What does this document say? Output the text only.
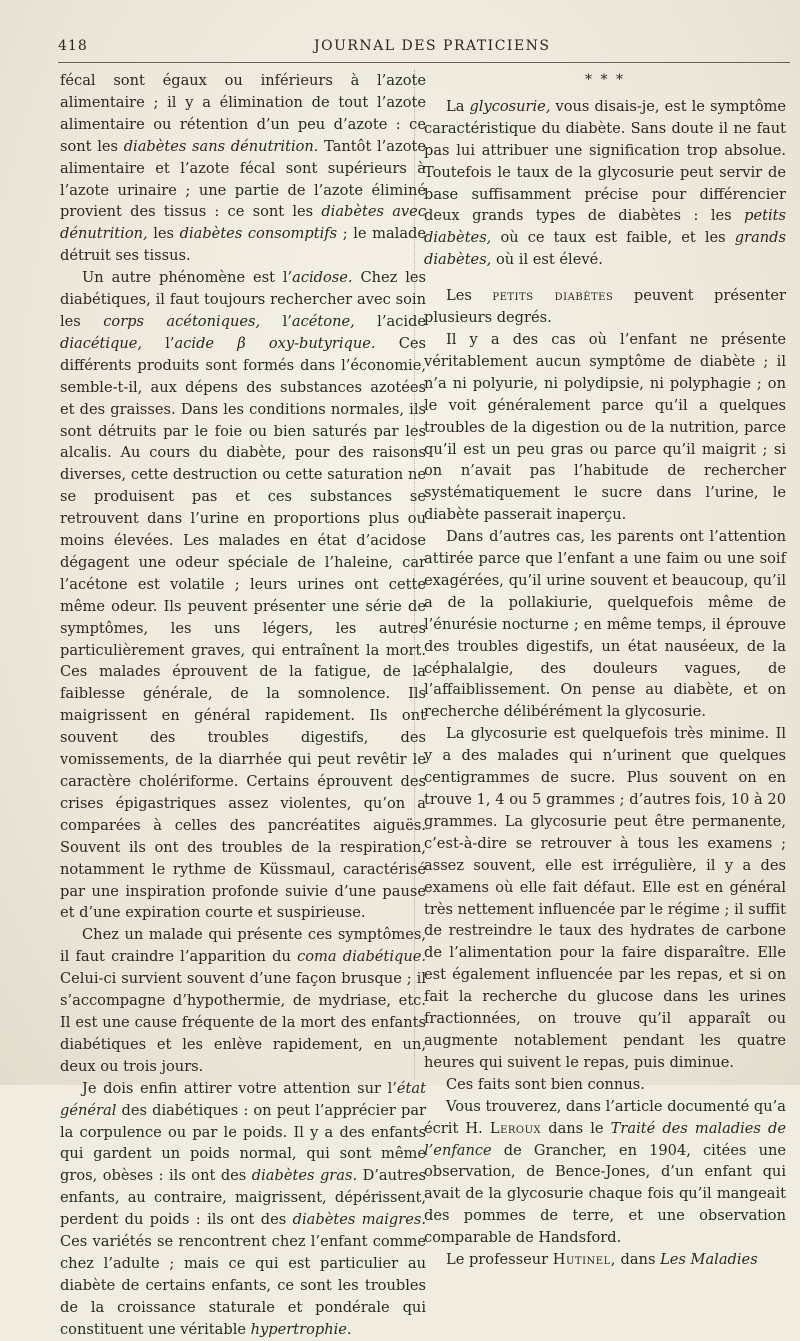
418	JOURNAL DES PRATICIENS

fécal sont égaux ou inférieurs à l’azote alimentaire ; il y a élimination de tout l’azote alimentaire ou rétention d’un peu d’azote : ce sont les diabètes sans dénutrition. Tantôt l’azote alimentaire et l’azote fécal sont supérieurs à l’azote urinaire ; une partie de l’azote éliminé provient des tissus : ce sont les diabètes avec dénutrition, les diabètes consomptifs ; le malade détruit ses tissus.

Un autre phénomène est l’acidose. Chez les diabétiques, il faut toujours rechercher avec soin les corps acétoniques, l’acétone, l’acide diacétique, l’acide β oxy-butyrique. Ces différents produits sont formés dans l’économie, semble-t-il, aux dépens des substances azotées et des graisses. Dans les conditions normales, ils sont détruits par le foie ou bien saturés par les alcalis. Au cours du diabète, pour des raisons diverses, cette destruction ou cette saturation ne se produisent pas et ces substances se retrouvent dans l’urine en proportions plus ou moins élevées. Les malades en état d’acidose dégagent une odeur spéciale de l’haleine, car l’acétone est volatile ; leurs urines ont cette même odeur. Ils peuvent présenter une série de symptômes, les uns légers, les autres particulièrement graves, qui entraînent la mort. Ces malades éprouvent de la fatigue, de la faiblesse générale, de la somnolence. Ils maigrissent en général rapidement. Ils ont souvent des troubles digestifs, des vomissements, de la diarrhée qui peut revêtir le caractère cholériforme. Certains éprouvent des crises épigastriques assez violentes, qu’on a comparées à celles des pancréatites aiguës. Souvent ils ont des troubles de la respiration, notamment le rythme de Küssmaul, caractérisé par une inspiration profonde suivie d’une pause et d’une expiration courte et suspirieuse.

Chez un malade qui présente ces symptômes, il faut craindre l’apparition du coma diabétique. Celui-ci survient souvent d’une façon brusque ; il s’accompagne d’hypothermie, de mydriase, etc. Il est une cause fréquente de la mort des enfants diabétiques et les enlève rapidement, en un, deux ou trois jours.

Je dois enfin attirer votre attention sur l’état général des diabétiques : on peut l’apprécier par la corpulence ou par le poids. Il y a des enfants qui gardent un poids normal, qui sont même gros, obèses : ils ont des diabètes gras. D’autres enfants, au contraire, maigrissent, dépérissent, perdent du poids : ils ont des diabètes maigres. Ces variétés se rencontrent chez l’enfant comme chez l’adulte ; mais ce qui est particulier au diabète de certains enfants, ce sont les troubles de la croissance staturale et pondérale qui constituent une véritable hypertrophie.

* * *

La glycosurie, vous disais-je, est le symptôme caractéristique du diabète. Sans doute il ne faut pas lui attribuer une signification trop absolue. Toutefois le taux de la glycosurie peut servir de base suffisamment précise pour différencier deux grands types de diabètes : les petits diabètes, où ce taux est faible, et les grands diabètes, où il est élevé.

Les petits diabètes peuvent présenter plusieurs degrés.

Il y a des cas où l’enfant ne présente véritablement aucun symptôme de diabète ; il n’a ni polyurie, ni polydipsie, ni polyphagie ; on le voit généralement parce qu’il a quelques troubles de la digestion ou de la nutrition, parce qu’il est un peu gras ou parce qu’il maigrit ; si on n’avait pas l’habitude de rechercher systématiquement le sucre dans l’urine, le diabète passerait inaperçu.

Dans d’autres cas, les parents ont l’attention attirée parce que l’enfant a une faim ou une soif exagérées, qu’il urine souvent et beaucoup, qu’il a de la pollakiurie, quelquefois même de l’énurésie nocturne ; en même temps, il éprouve des troubles digestifs, un état nauséeux, de la céphalalgie, des douleurs vagues, de l’affaiblissement. On pense au diabète, et on recherche délibérément la glycosurie.

La glycosurie est quelquefois très minime. Il y a des malades qui n’urinent que quelques centigrammes de sucre. Plus souvent on en trouve 1, 4 ou 5 grammes ; d’autres fois, 10 à 20 grammes. La glycosurie peut être permanente, c’est-à-dire se retrouver à tous les examens ; assez souvent, elle est irrégulière, il y a des examens où elle fait défaut. Elle est en général très nettement influencée par le régime ; il suffit de restreindre le taux des hydrates de carbone de l’alimentation pour la faire disparaître. Elle est également influencée par les repas, et si on fait la recherche du glucose dans les urines fractionnées, on trouve qu’il apparaît ou augmente notablement pendant les quatre heures qui suivent le repas, puis diminue.

Ces faits sont bien connus.

Vous trouverez, dans l’article documenté qu’a écrit H. Leroux dans le Traité des maladies de l’enfance de Grancher, en 1904, citées une observation, de Bence-Jones, d’un enfant qui avait de la glycosurie chaque fois qu’il mangeait des pommes de terre, et une observation comparable de Handsford.

Le professeur Hutinel, dans Les Maladies
